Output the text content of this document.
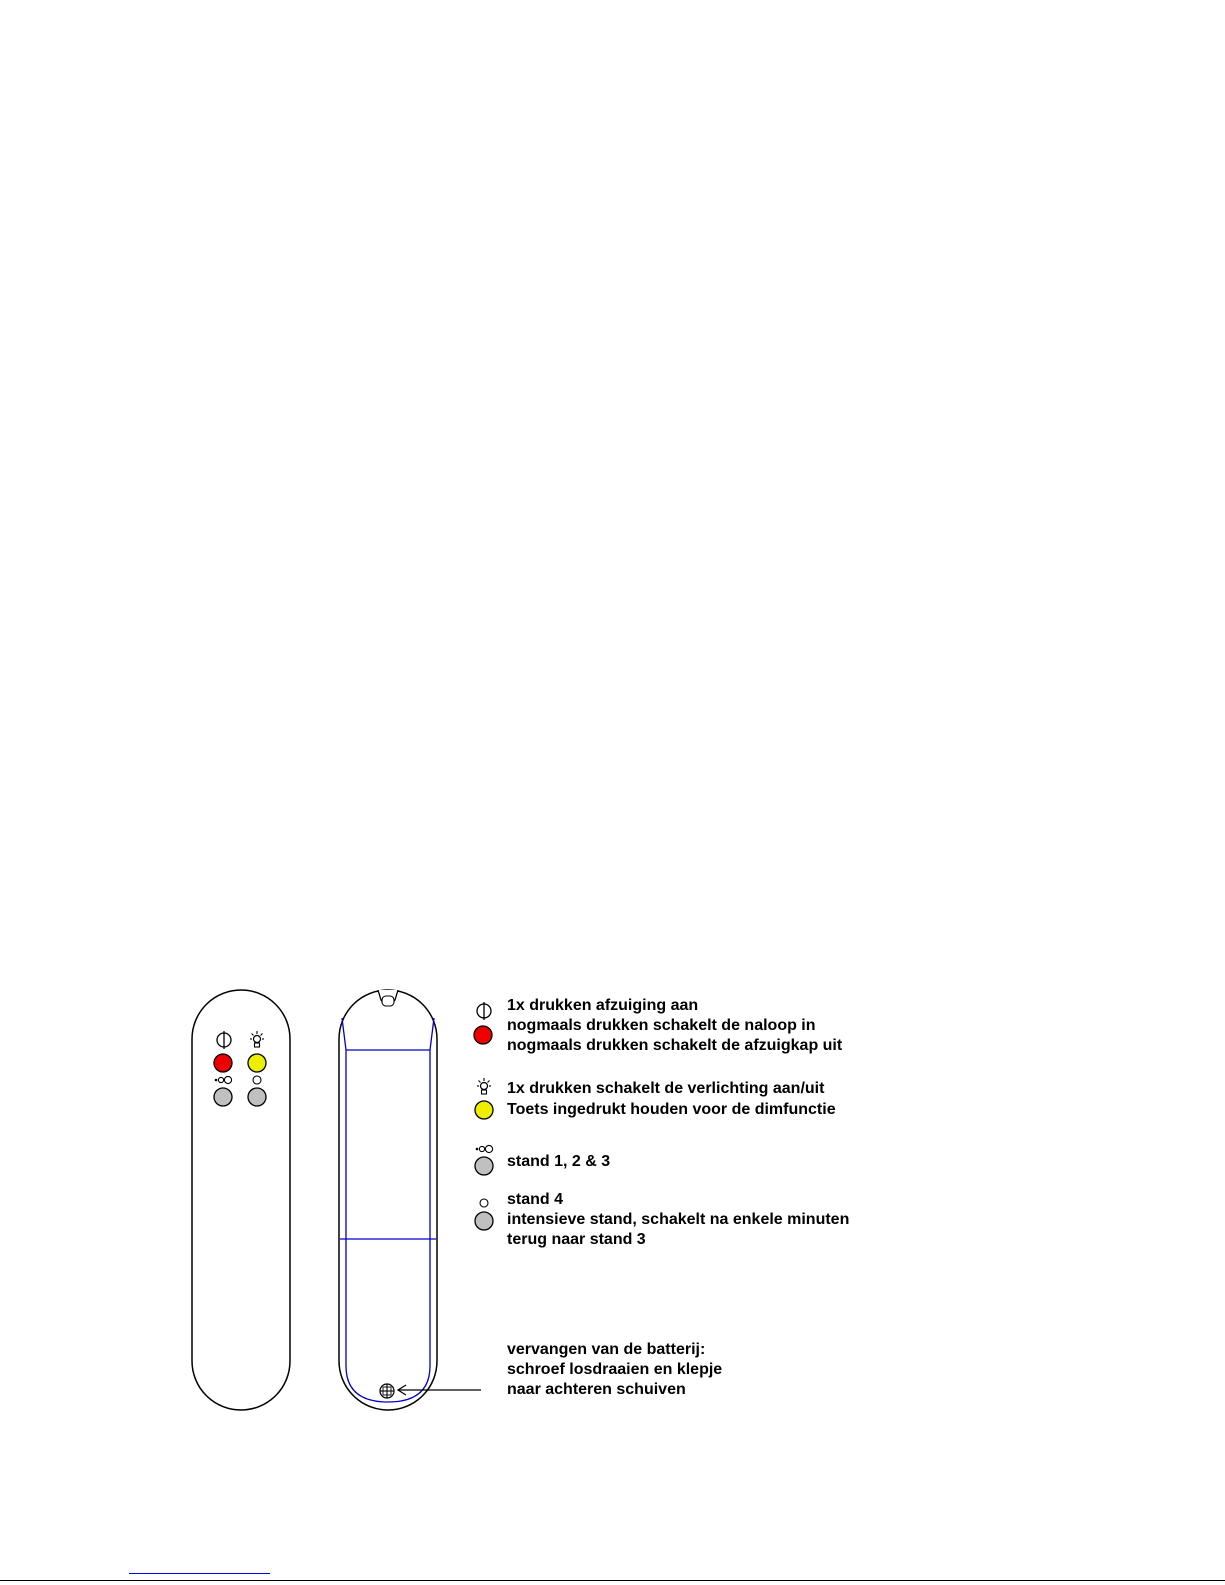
1x drukken afzuiging aan
nogmaals drukken schakelt de naloop in
nogmaals drukken schakelt de afzuigkap uit
1x drukken schakelt de verlichting aan/uit
Toets ingedrukt houden voor de dimfunctie
stand 1, 2 & 3
stand 4
intensieve stand, schakelt na enkele minuten
terug naar stand 3
vervangen van de batterij:
schroef losdraaien en klepje
naar achteren schuiven
